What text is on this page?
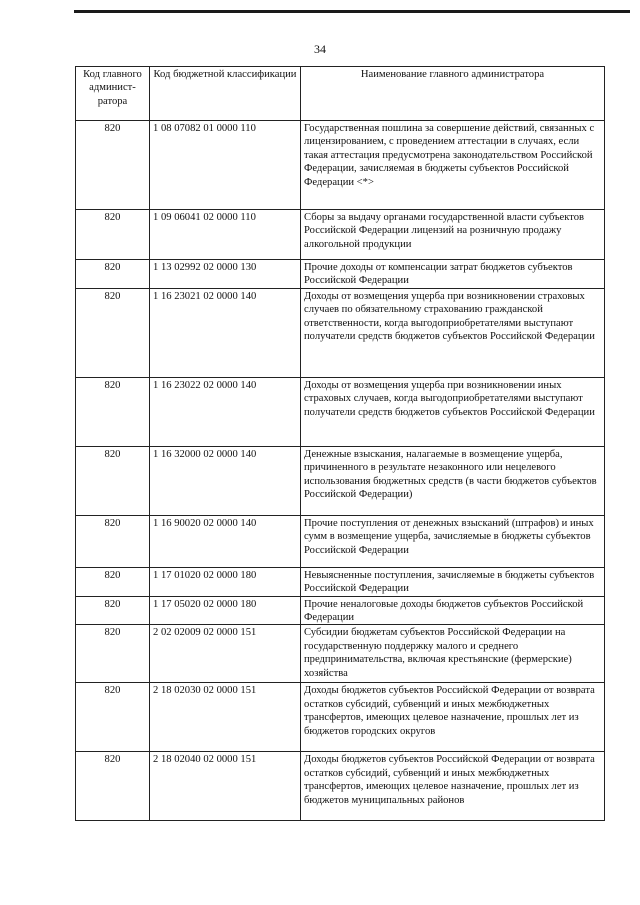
34
Код главного админист-ратора	Код бюджетной классификации	Наименование главного администратора
820	1 08 07082 01 0000 110	Государственная пошлина за совершение действий, связанных с лицензированием, с проведением аттестации в случаях, если такая аттестация предусмотрена законодательством Российской Федерации, зачисляемая в бюджеты субъектов Российской Федерации <*>
820	1 09 06041 02 0000 110	Сборы за выдачу органами государственной власти субъектов Российской Федерации лицензий на розничную продажу алкогольной продукции
820	1 13 02992 02 0000 130	Прочие доходы от компенсации затрат бюджетов субъектов Российской Федерации
820	1 16 23021 02 0000 140	Доходы от возмещения ущерба при возникновении страховых случаев по обязательному страхованию гражданской ответственности, когда выгодоприобретателями выступают получатели средств бюджетов субъектов Российской Федерации
820	1 16 23022 02 0000 140	Доходы от возмещения ущерба при возникновении иных страховых случаев, когда выгодоприобретателями выступают получатели средств бюджетов субъектов Российской Федерации
820	1 16 32000 02 0000 140	Денежные взыскания, налагаемые в возмещение ущерба, причиненного в результате незаконного или нецелевого использования бюджетных средств (в части бюджетов субъектов Российской Федерации)
820	1 16 90020 02 0000 140	Прочие поступления от денежных взысканий (штрафов) и иных сумм в возмещение ущерба, зачисляемые в бюджеты субъектов Российской Федерации
820	1 17 01020 02 0000 180	Невыясненные поступления, зачисляемые в бюджеты субъектов Российской Федерации
820	1 17 05020 02 0000 180	Прочие неналоговые доходы бюджетов субъектов Российской Федерации
820	2 02 02009 02 0000 151	Субсидии бюджетам субъектов Российской Федерации на государственную поддержку малого и среднего предпринимательства, включая крестьянские (фермерские) хозяйства
820	2 18 02030 02 0000 151	Доходы бюджетов субъектов Российской Федерации от возврата остатков субсидий, субвенций и иных межбюджетных трансфертов, имеющих целевое назначение, прошлых лет из бюджетов городских округов
820	2 18 02040 02 0000 151	Доходы бюджетов субъектов Российской Федерации от возврата остатков субсидий, субвенций и иных межбюджетных трансфертов, имеющих целевое назначение, прошлых лет из бюджетов муниципальных районов
